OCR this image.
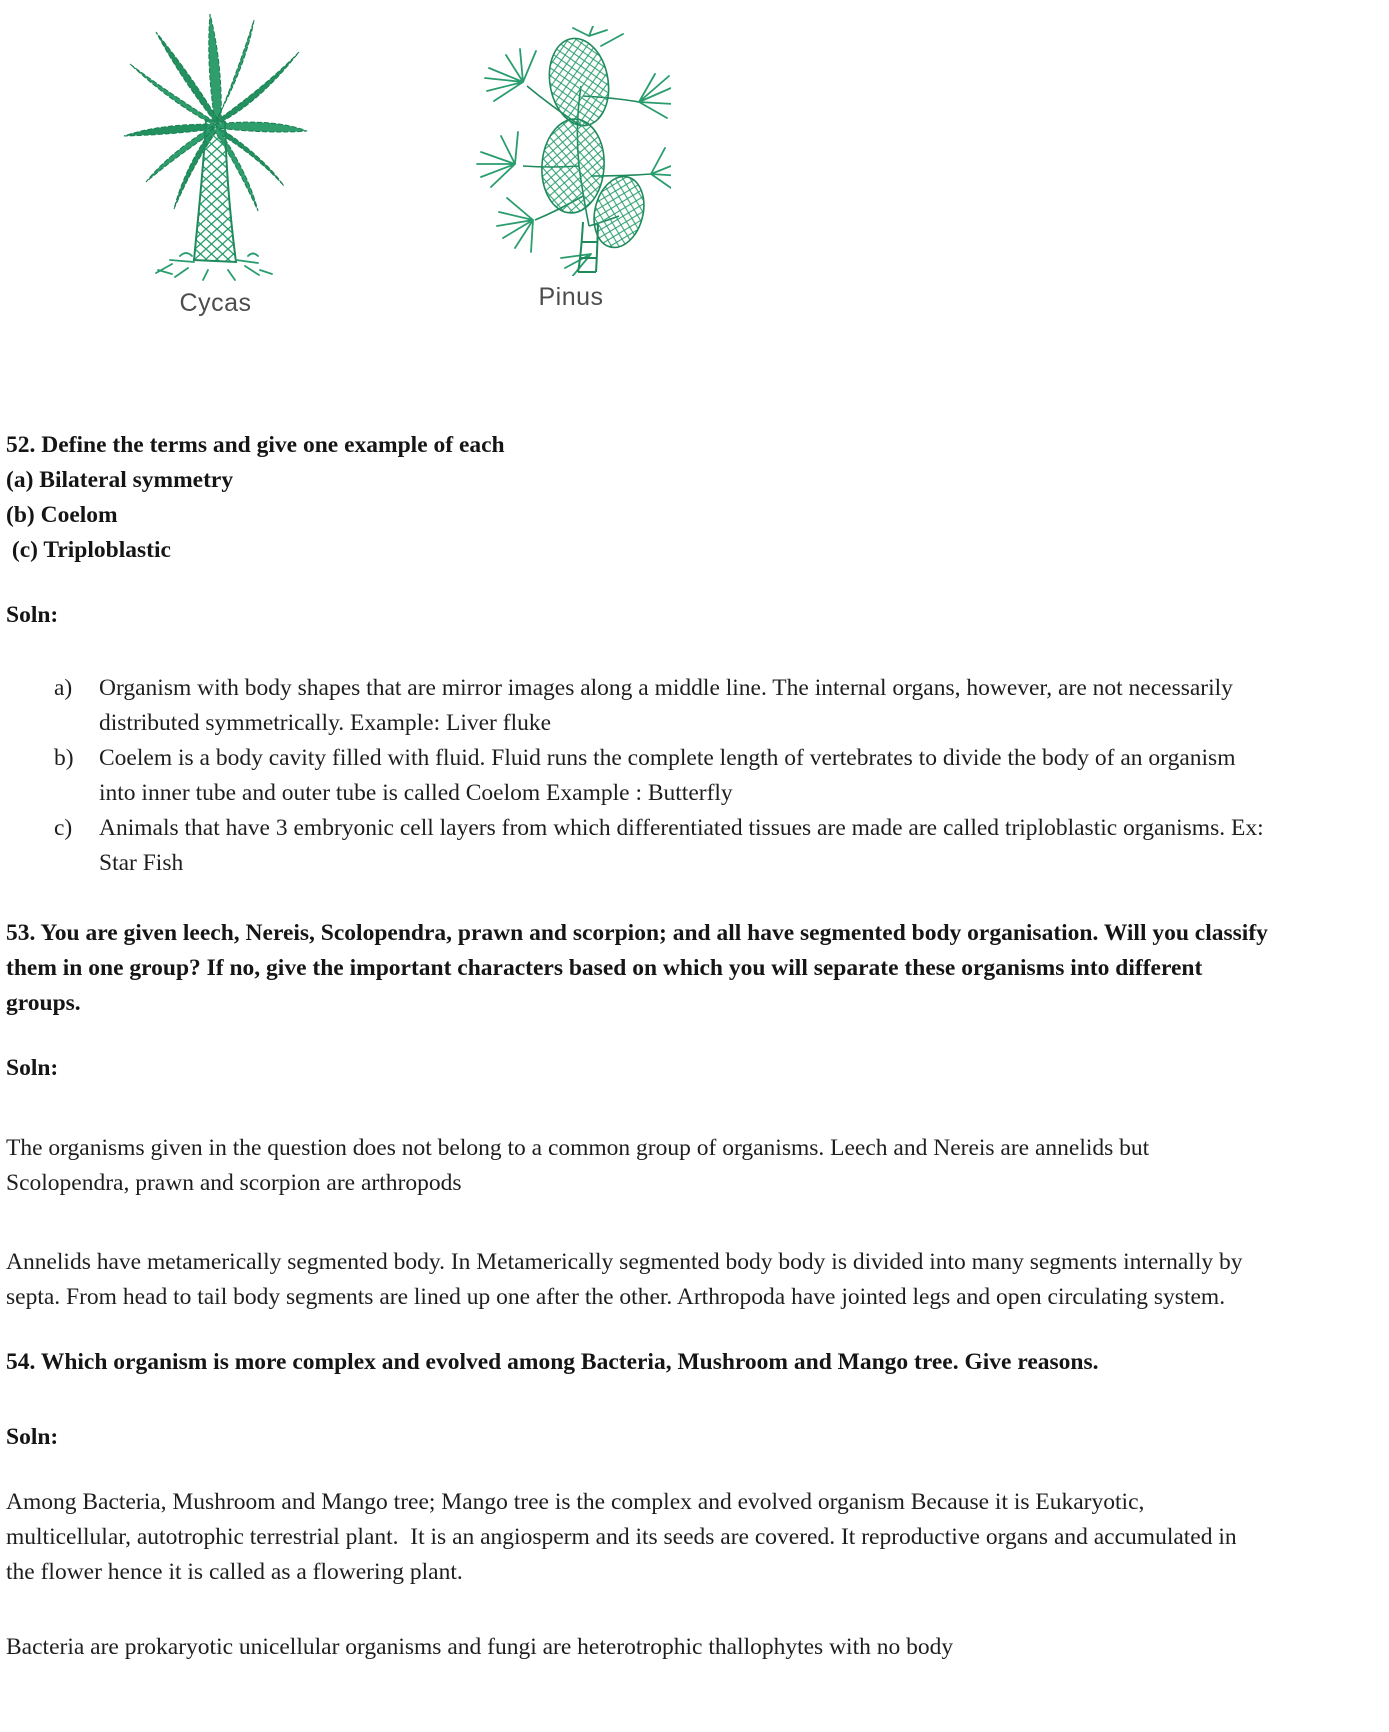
Cycas	Pinus
52. Define the terms and give one example of each
(a) Bilateral symmetry
(b) Coelom
(c) Triploblastic
Soln:
a)	Organism with body shapes that are mirror images along a middle line. The internal organs, however, are not necessarily distributed symmetrically. Example: Liver fluke
b)	Coelem is a body cavity filled with fluid. Fluid runs the complete length of vertebrates to divide the body of an organism into inner tube and outer tube is called Coelom Example : Butterfly
c)	Animals that have 3 embryonic cell layers from which differentiated tissues are made are called triploblastic organisms. Ex: Star Fish
53. You are given leech, Nereis, Scolopendra, prawn and scorpion; and all have segmented body organisation. Will you classify them in one group? If no, give the important characters based on which you will separate these organisms into different groups.
Soln:

The organisms given in the question does not belong to a common group of organisms. Leech and Nereis are annelids but Scolopendra, prawn and scorpion are arthropods

Annelids have metamerically segmented body. In Metamerically segmented body body is divided into many segments internally by septa. From head to tail body segments are lined up one after the other. Arthropoda have jointed legs and open circulating system.

54. Which organism is more complex and evolved among Bacteria, Mushroom and Mango tree. Give reasons.
Soln:

Among Bacteria, Mushroom and Mango tree; Mango tree is the complex and evolved organism Because it is Eukaryotic, multicellular, autotrophic terrestrial plant.  It is an angiosperm and its seeds are covered. It reproductive organs and accumulated in the flower hence it is called as a flowering plant.

Bacteria are prokaryotic unicellular organisms and fungi are heterotrophic thallophytes with no body
